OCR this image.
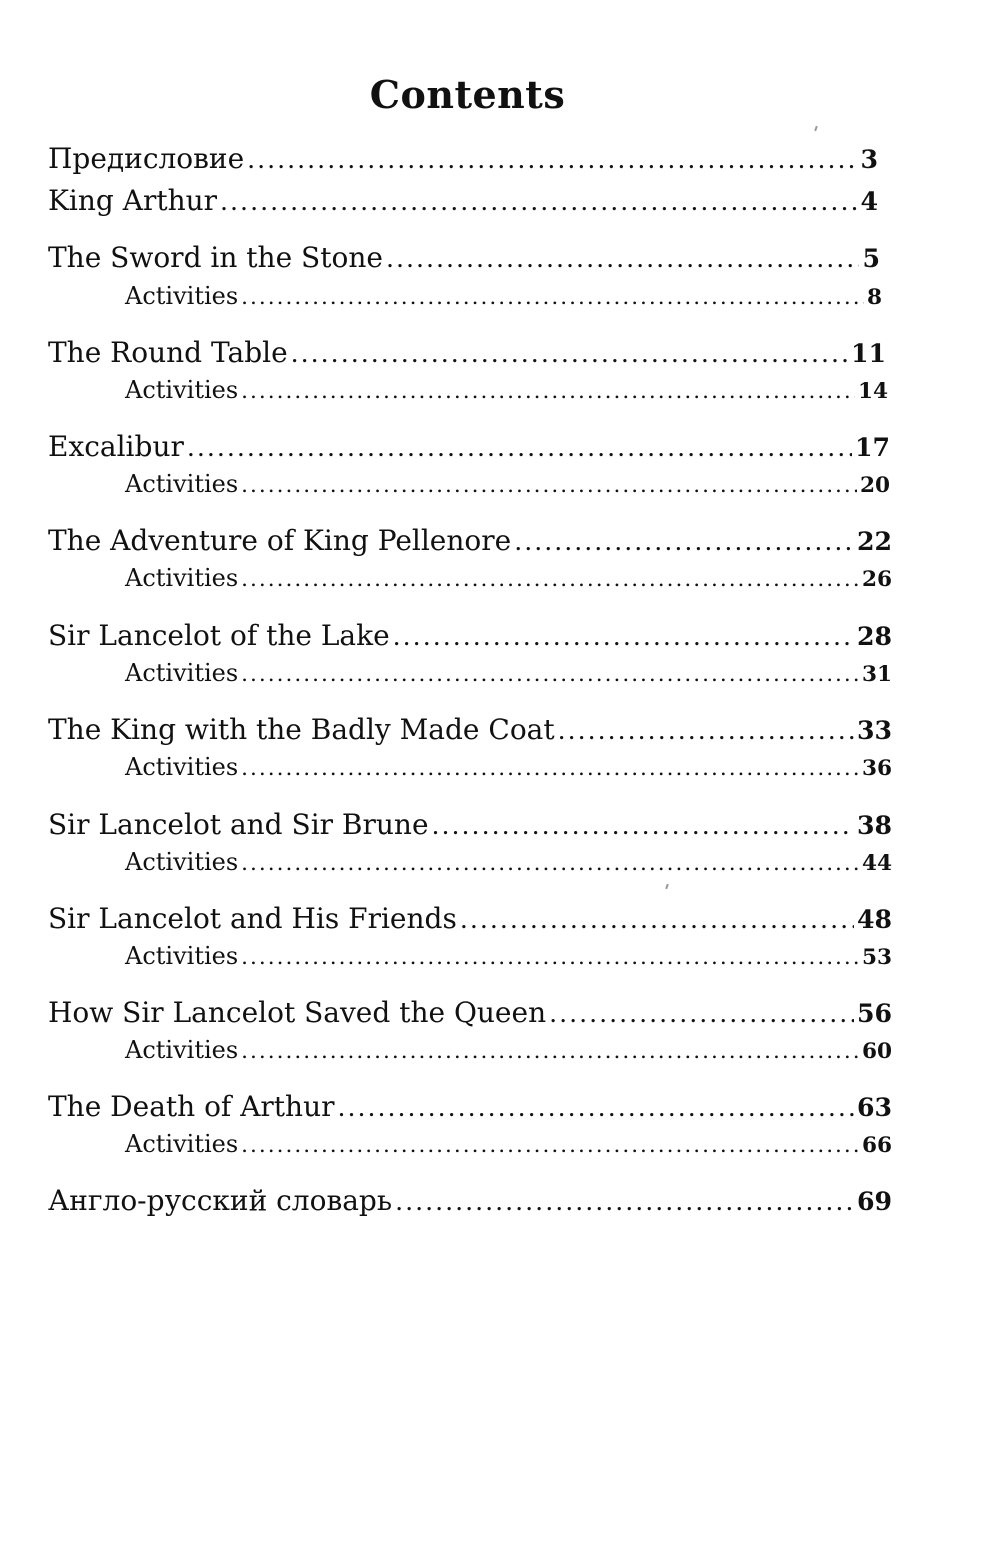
Contents
Предисловие .....	3
King Arthur .....	4
The Sword in the Stone .....	5
Activities .....	8
The Round Table .....	11
Activities .....	14
Excalibur .....	17
Activities .....	20
The Adventure of King Pellenore .....	22
Activities .....	26
Sir Lancelot of the Lake .....	28
Activities .....	31
The King with the Badly Made Coat .....	33
Activities .....	36
Sir Lancelot and Sir Brune .....	38
Activities .....	44
Sir Lancelot and His Friends .....	48
Activities .....	53
How Sir Lancelot Saved the Queen .....	56
Activities .....	60
The Death of Arthur .....	63
Activities .....	66
Англо-русский словарь .....	69
